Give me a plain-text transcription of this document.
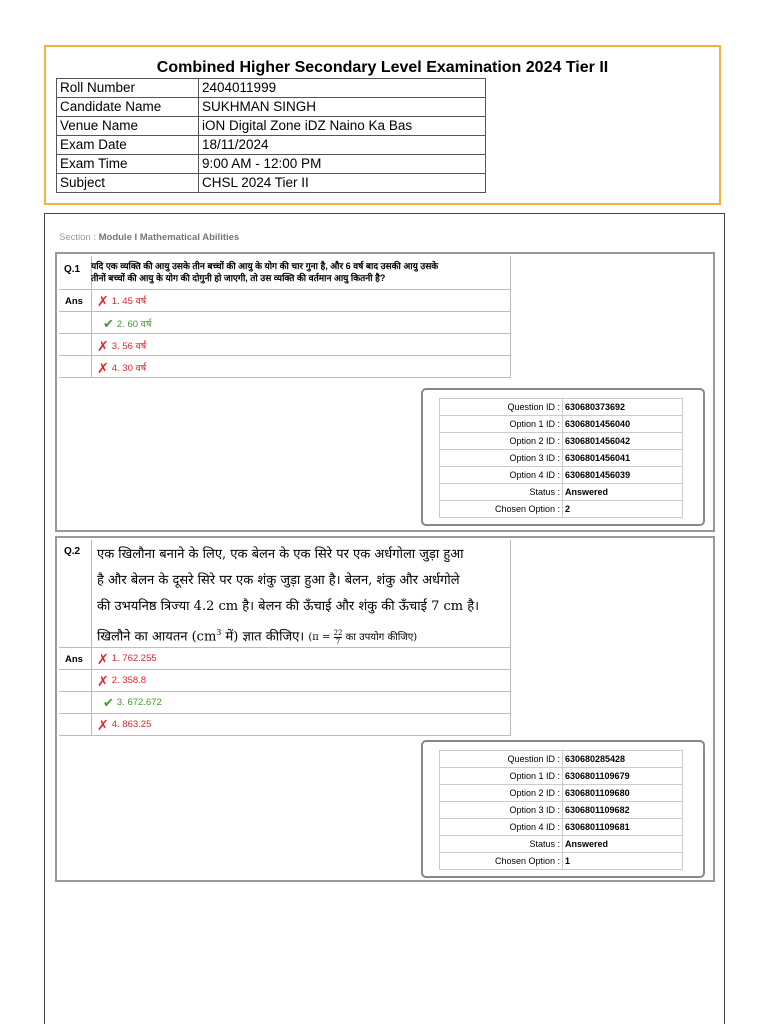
Combined Higher Secondary Level Examination 2024 Tier II
Roll Number	2404011999
Candidate Name	SUKHMAN SINGH
Venue Name	iON Digital Zone iDZ Naino Ka Bas
Exam Date	18/11/2024
Exam Time	9:00 AM - 12:00 PM
Subject	CHSL 2024 Tier II
Section : Module I Mathematical Abilities
Q.1 यदि एक व्यक्ति की आयु उसके तीन बच्चों की आयु के योग की चार गुना है, और 6 वर्ष बाद उसकी आयु उसके
तीनों बच्चों की आयु के योग की दोगुनी हो जाएगी, तो उस व्यक्ति की वर्तमान आयु कितनी है?
Ans ✗ 1. 45 वर्ष
✔ 2. 60 वर्ष
✗ 3. 56 वर्ष
✗ 4. 30 वर्ष
Question ID :	630680373692
Option 1 ID :	6306801456040
Option 2 ID :	6306801456042
Option 3 ID :	6306801456041
Option 4 ID :	6306801456039
Status :	Answered
Chosen Option :	2
Q.2 एक खिलौना बनाने के लिए, एक बेलन के एक सिरे पर एक अर्धगोला जुड़ा हुआ
है और बेलन के दूसरे सिरे पर एक शंकु जुड़ा हुआ है। बेलन, शंकु और अर्धगोले
की उभयनिष्ठ त्रिज्या 4.2 cm है। बेलन की ऊँचाई और शंकु की ऊँचाई 7 cm है।
खिलौने का आयतन ($cm^3$ में) ज्ञात कीजिए। ($\pi = \frac{22}{7}$ का उपयोग कीजिए)
Ans ✗ 1. 762.255
✗ 2. 358.8
✔ 3. 672.672
✗ 4. 863.25
Question ID :	630680285428
Option 1 ID :	6306801109679
Option 2 ID :	6306801109680
Option 3 ID :	6306801109682
Option 4 ID :	6306801109681
Status :	Answered
Chosen Option :	1
